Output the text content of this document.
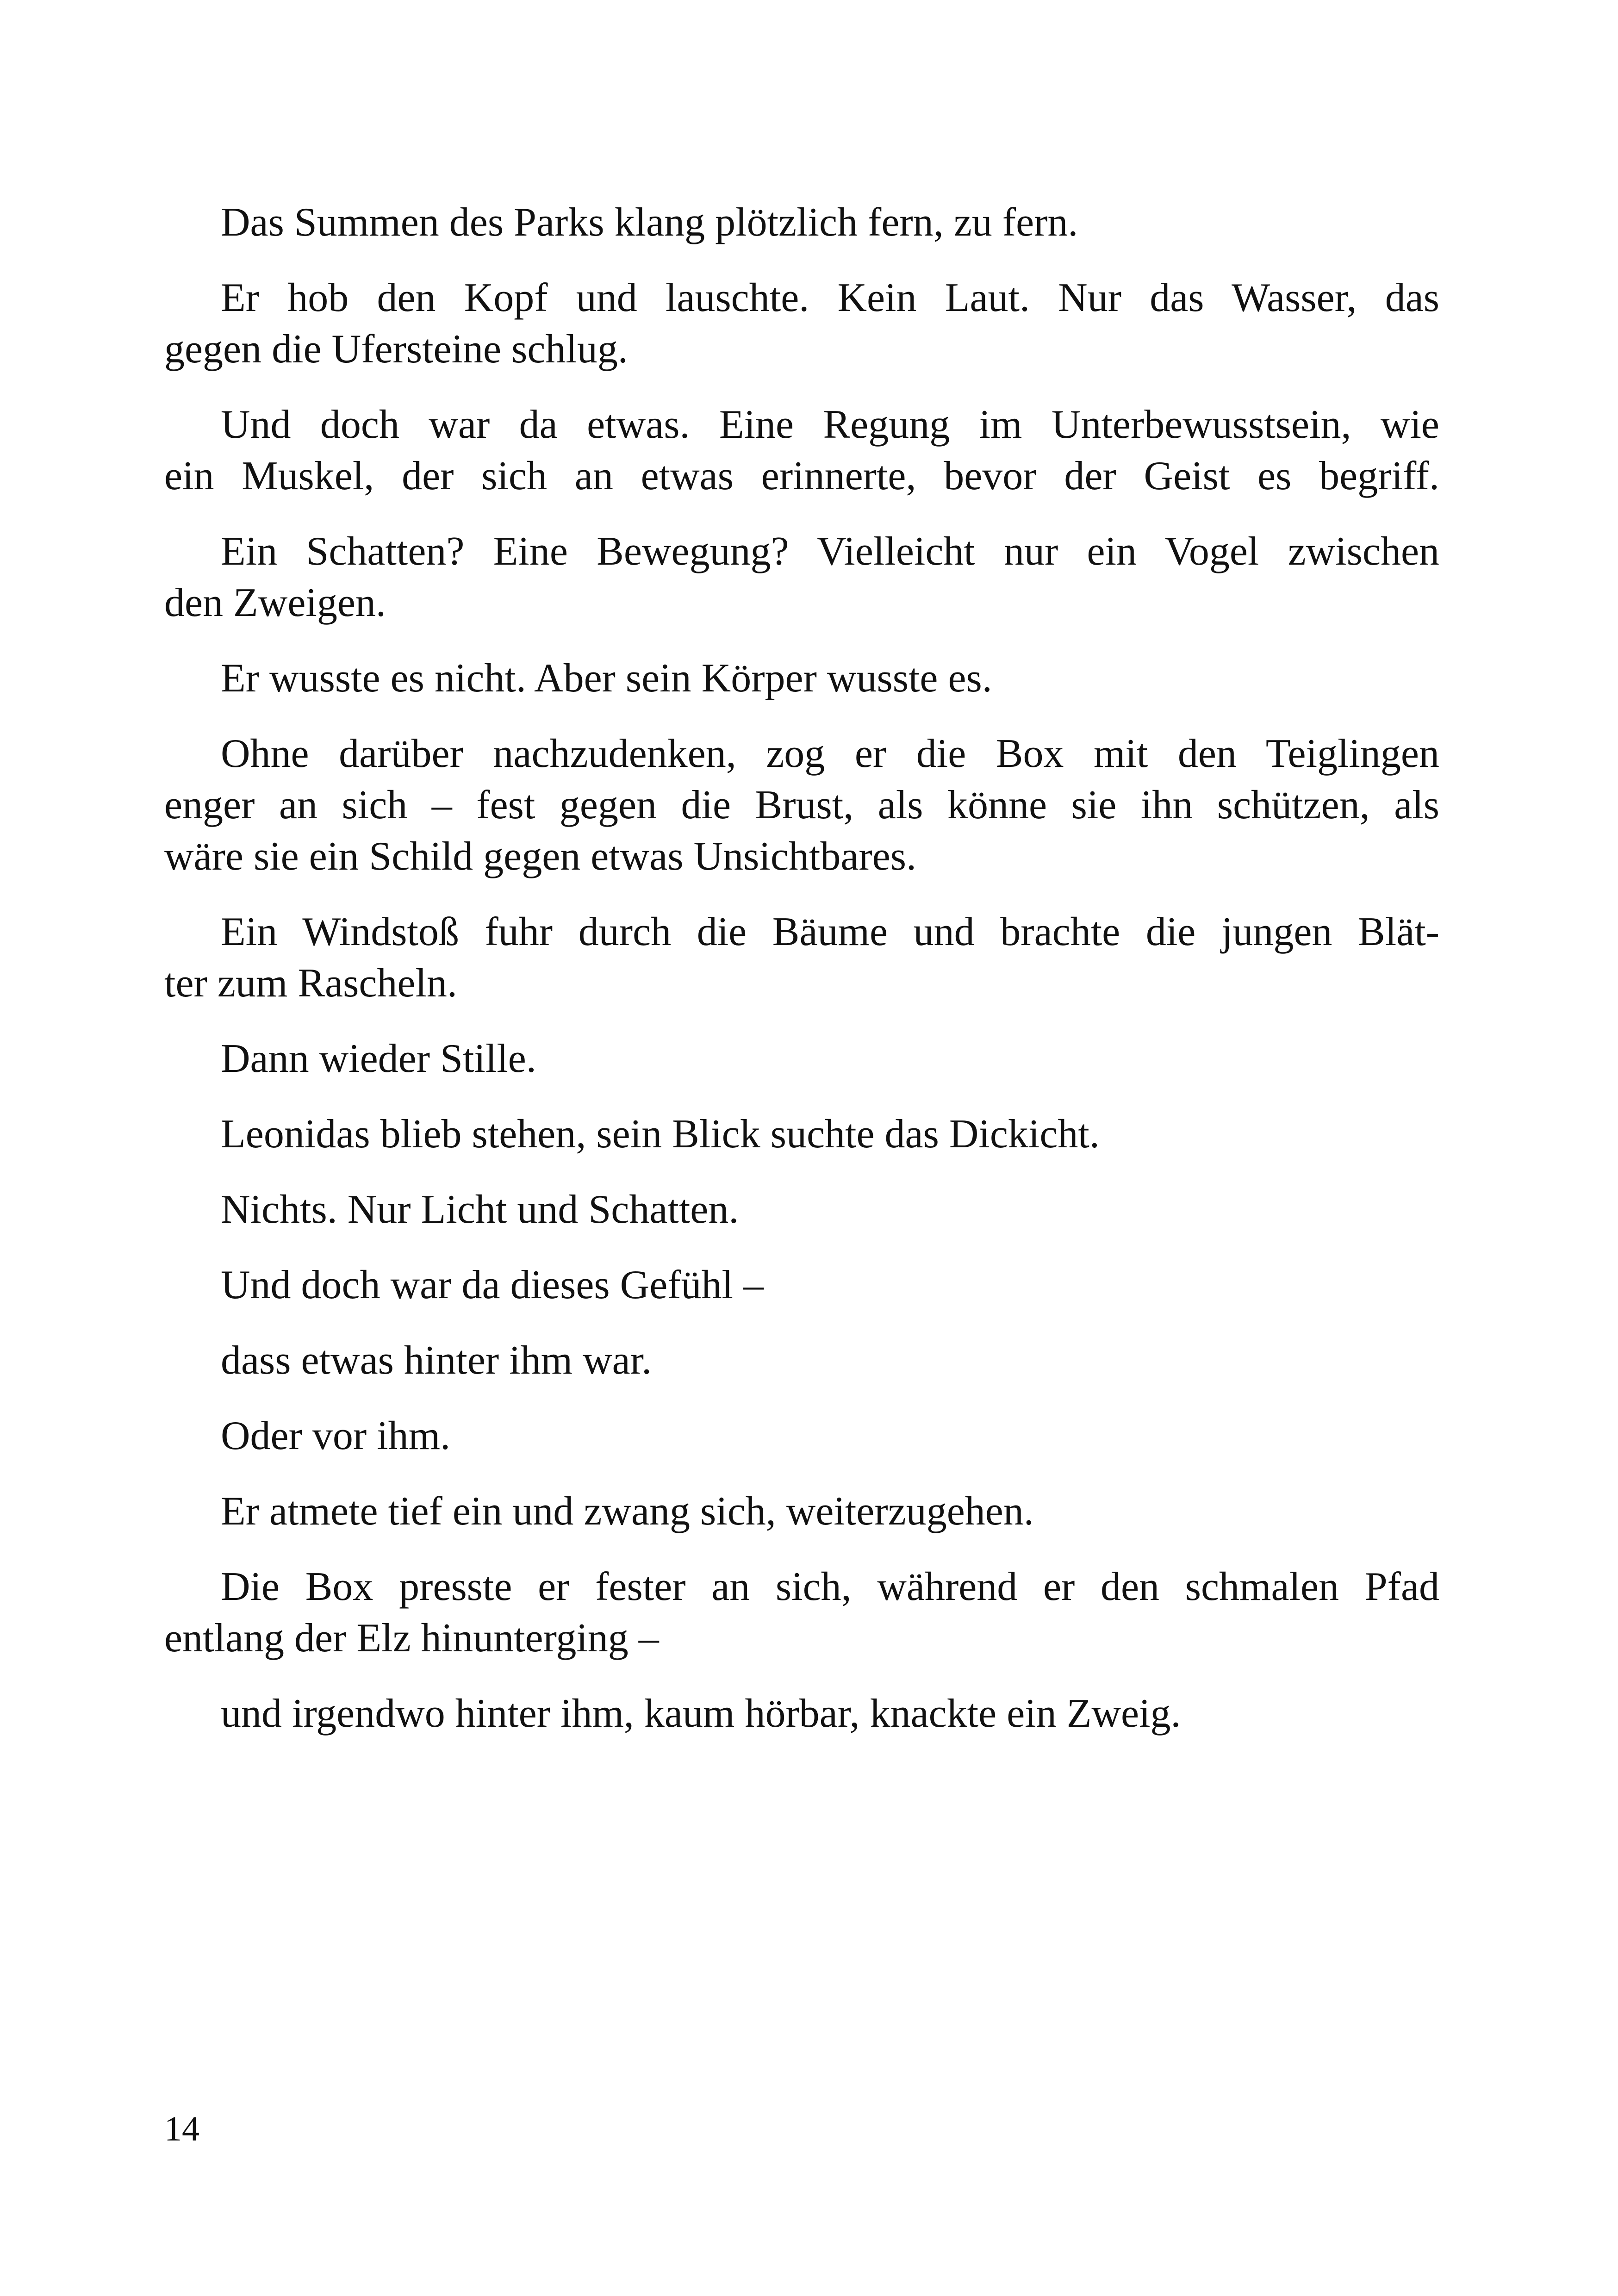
Das Summen des Parks klang plötzlich fern, zu fern.

Er hob den Kopf und lauschte. Kein Laut. Nur das Wasser, das
gegen die Ufersteine schlug.

Und doch war da etwas. Eine Regung im Unterbewusstsein, wie
ein Muskel, der sich an etwas erinnerte, bevor der Geist es begriff.

Ein Schatten? Eine Bewegung? Vielleicht nur ein Vogel zwischen
den Zweigen.

Er wusste es nicht. Aber sein Körper wusste es.

Ohne darüber nachzudenken, zog er die Box mit den Teiglingen
enger an sich – fest gegen die Brust, als könne sie ihn schützen, als
wäre sie ein Schild gegen etwas Unsichtbares.

Ein Windstoß fuhr durch die Bäume und brachte die jungen Blät-
ter zum Rascheln.

Dann wieder Stille.

Leonidas blieb stehen, sein Blick suchte das Dickicht.

Nichts. Nur Licht und Schatten.

Und doch war da dieses Gefühl –

dass etwas hinter ihm war.

Oder vor ihm.

Er atmete tief ein und zwang sich, weiterzugehen.

Die Box presste er fester an sich, während er den schmalen Pfad
entlang der Elz hinunterging –

und irgendwo hinter ihm, kaum hörbar, knackte ein Zweig.

14
